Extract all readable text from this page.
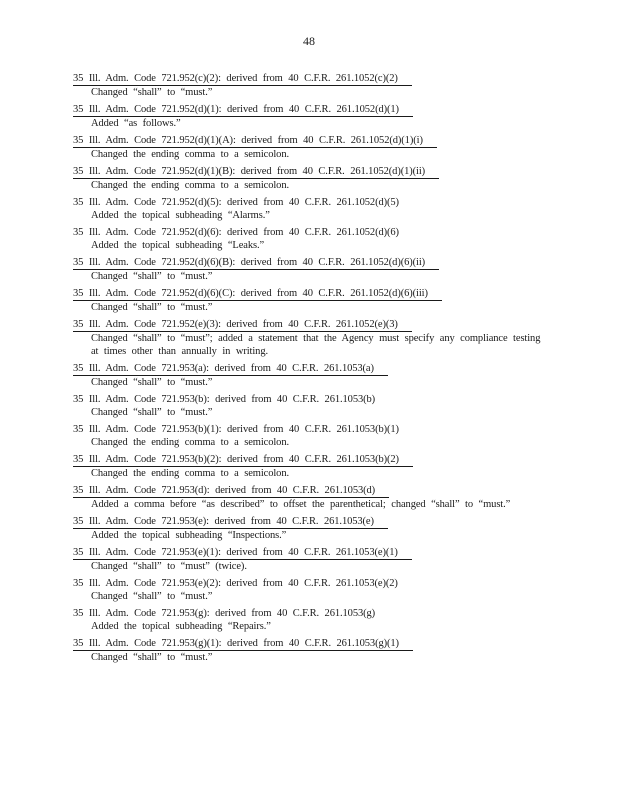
48
35 Ill. Adm. Code 721.952(c)(2): derived from 40 C.F.R. 261.1052(c)(2)
Changed “shall” to “must.”
35 Ill. Adm. Code 721.952(d)(1): derived from 40 C.F.R. 261.1052(d)(1)
Added “as follows.”
35 Ill. Adm. Code 721.952(d)(1)(A): derived from 40 C.F.R. 261.1052(d)(1)(i)
Changed the ending comma to a semicolon.
35 Ill. Adm. Code 721.952(d)(1)(B): derived from 40 C.F.R. 261.1052(d)(1)(ii)
Changed the ending comma to a semicolon.
35 Ill. Adm. Code 721.952(d)(5): derived from 40 C.F.R. 261.1052(d)(5)
Added the topical subheading “Alarms.”
35 Ill. Adm. Code 721.952(d)(6): derived from 40 C.F.R. 261.1052(d)(6)
Added the topical subheading “Leaks.”
35 Ill. Adm. Code 721.952(d)(6)(B): derived from 40 C.F.R. 261.1052(d)(6)(ii)
Changed “shall” to “must.”
35 Ill. Adm. Code 721.952(d)(6)(C): derived from 40 C.F.R. 261.1052(d)(6)(iii)
Changed “shall” to “must.”
35 Ill. Adm. Code 721.952(e)(3): derived from 40 C.F.R. 261.1052(e)(3)
Changed “shall” to “must”; added a statement that the Agency must specify any compliance testing at times other than annually in writing.
35 Ill. Adm. Code 721.953(a): derived from 40 C.F.R. 261.1053(a)
Changed “shall” to “must.”
35 Ill. Adm. Code 721.953(b): derived from 40 C.F.R. 261.1053(b)
Changed “shall” to “must.”
35 Ill. Adm. Code 721.953(b)(1): derived from 40 C.F.R. 261.1053(b)(1)
Changed the ending comma to a semicolon.
35 Ill. Adm. Code 721.953(b)(2): derived from 40 C.F.R. 261.1053(b)(2)
Changed the ending comma to a semicolon.
35 Ill. Adm. Code 721.953(d): derived from 40 C.F.R. 261.1053(d)
Added a comma before “as described” to offset the parenthetical; changed “shall” to “must.”
35 Ill. Adm. Code 721.953(e): derived from 40 C.F.R. 261.1053(e)
Added the topical subheading “Inspections.”
35 Ill. Adm. Code 721.953(e)(1): derived from 40 C.F.R. 261.1053(e)(1)
Changed “shall” to “must” (twice).
35 Ill. Adm. Code 721.953(e)(2): derived from 40 C.F.R. 261.1053(e)(2)
Changed “shall” to “must.”
35 Ill. Adm. Code 721.953(g): derived from 40 C.F.R. 261.1053(g)
Added the topical subheading “Repairs.”
35 Ill. Adm. Code 721.953(g)(1): derived from 40 C.F.R. 261.1053(g)(1)
Changed “shall” to “must.”
